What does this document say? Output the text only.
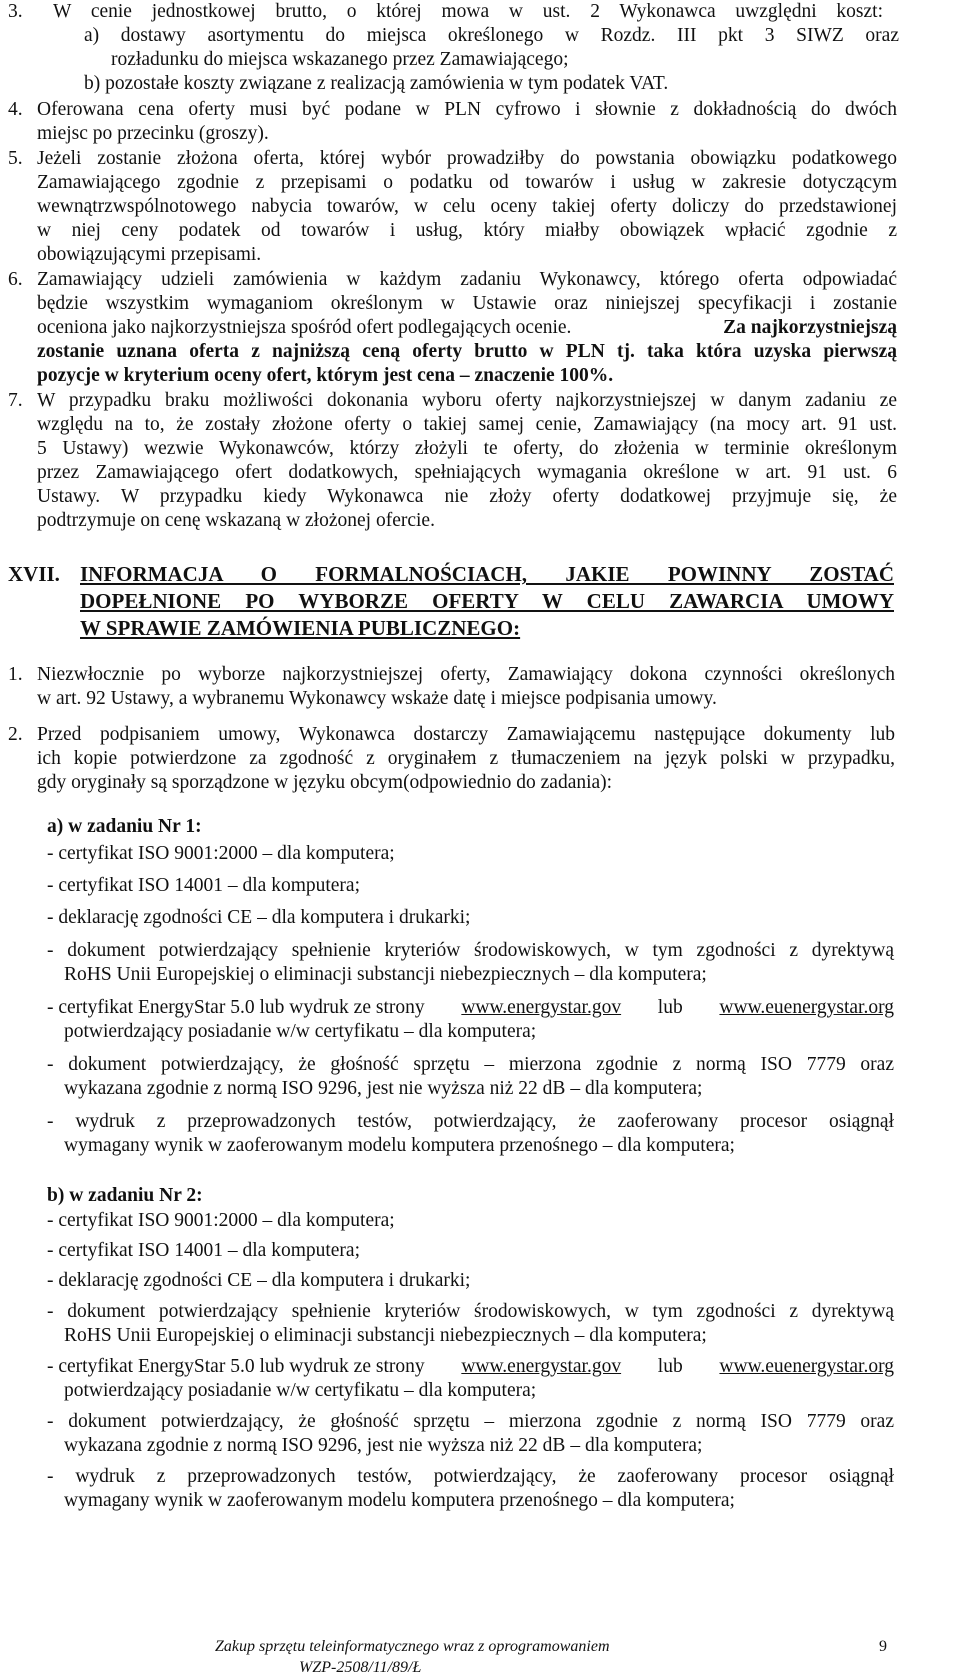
3. W cenie jednostkowej brutto, o której mowa w ust. 2 Wykonawca uwzględni koszt:
a) dostawy asortymentu do miejsca określonego w Rozdz. III pkt 3 SIWZ oraz
rozładunku do miejsca wskazanego przez Zamawiającego;
b) pozostałe koszty związane z realizacją zamówienia w tym podatek VAT.
4. Oferowana cena oferty musi być podane w PLN cyfrowo i słownie z dokładnością do dwóch
miejsc po przecinku (groszy).
5. Jeżeli zostanie złożona oferta, której wybór prowadziłby do powstania obowiązku podatkowego
Zamawiającego zgodnie z przepisami o podatku od towarów i usług w zakresie dotyczącym
wewnątrzwspólnotowego nabycia towarów, w celu oceny takiej oferty doliczy do przedstawionej
w niej ceny podatek od towarów i usług, który miałby obowiązek wpłacić zgodnie z
obowiązującymi przepisami.
6. Zamawiający udzieli zamówienia w każdym zadaniu Wykonawcy, którego oferta odpowiadać
będzie wszystkim wymaganiom określonym w Ustawie oraz niniejszej specyfikacji i zostanie
oceniona jako najkorzystniejsza spośród ofert podlegających ocenie.	Za najkorzystniejszą
zostanie uznana oferta z najniższą ceną oferty brutto w PLN tj. taka która uzyska pierwszą
pozycje w kryterium oceny ofert, którym jest cena – znaczenie 100%.
7. W przypadku braku możliwości dokonania wyboru oferty najkorzystniejszej w danym zadaniu ze
względu na to, że zostały złożone oferty o takiej samej cenie, Zamawiający (na mocy art. 91 ust.
5 Ustawy) wezwie Wykonawców, którzy złożyli te oferty, do złożenia w terminie określonym
przez Zamawiającego ofert dodatkowych, spełniających wymagania określone w art. 91 ust. 6
Ustawy. W przypadku kiedy Wykonawca nie złoży oferty dodatkowej przyjmuje się, że
podtrzymuje on cenę wskazaną w złożonej ofercie.
XVII. INFORMACJA O FORMALNOŚCIACH, JAKIE POWINNY ZOSTAĆ
DOPEŁNIONE PO WYBORZE OFERTY W CELU ZAWARCIA UMOWY
W SPRAWIE ZAMÓWIENIA PUBLICZNEGO:
1. Niezwłocznie po wyborze najkorzystniejszej oferty, Zamawiający dokona czynności określonych
w art. 92 Ustawy, a wybranemu Wykonawcy wskaże datę i miejsce podpisania umowy.
2. Przed podpisaniem umowy, Wykonawca dostarczy Zamawiającemu następujące dokumenty lub
ich kopie potwierdzone za zgodność z oryginałem z tłumaczeniem na język polski w przypadku,
gdy oryginały są sporządzone w języku obcym(odpowiednio do zadania):
a) w zadaniu Nr 1:
- certyfikat ISO 9001:2000 – dla komputera;
- certyfikat ISO 14001 – dla komputera;
- deklarację zgodności CE – dla komputera i drukarki;
- dokument potwierdzający spełnienie kryteriów środowiskowych, w tym zgodności z dyrektywą
RoHS Unii Europejskiej o eliminacji substancji niebezpiecznych – dla komputera;
- certyfikat EnergyStar 5.0 lub wydruk ze strony www.energystar.gov lub www.euenergystar.org
potwierdzający posiadanie w/w certyfikatu – dla komputera;
- dokument potwierdzający, że głośność sprzętu – mierzona zgodnie z normą ISO 7779 oraz
wykazana zgodnie z normą ISO 9296, jest nie wyższa niż 22 dB – dla komputera;
- wydruk z przeprowadzonych testów, potwierdzający, że zaoferowany procesor osiągnął
wymagany wynik w zaoferowanym modelu komputera przenośnego – dla komputera;
b) w zadaniu Nr 2:
- certyfikat ISO 9001:2000 – dla komputera;
- certyfikat ISO 14001 – dla komputera;
- deklarację zgodności CE – dla komputera i drukarki;
- dokument potwierdzający spełnienie kryteriów środowiskowych, w tym zgodności z dyrektywą
RoHS Unii Europejskiej o eliminacji substancji niebezpiecznych – dla komputera;
- certyfikat EnergyStar 5.0 lub wydruk ze strony www.energystar.gov lub www.euenergystar.org
potwierdzający posiadanie w/w certyfikatu – dla komputera;
- dokument potwierdzający, że głośność sprzętu – mierzona zgodnie z normą ISO 7779 oraz
wykazana zgodnie z normą ISO 9296, jest nie wyższa niż 22 dB – dla komputera;
- wydruk z przeprowadzonych testów, potwierdzający, że zaoferowany procesor osiągnął
wymagany wynik w zaoferowanym modelu komputera przenośnego – dla komputera;
Zakup sprzętu teleinformatycznego wraz z oprogramowaniem
WZP-2508/11/89/Ł
9
